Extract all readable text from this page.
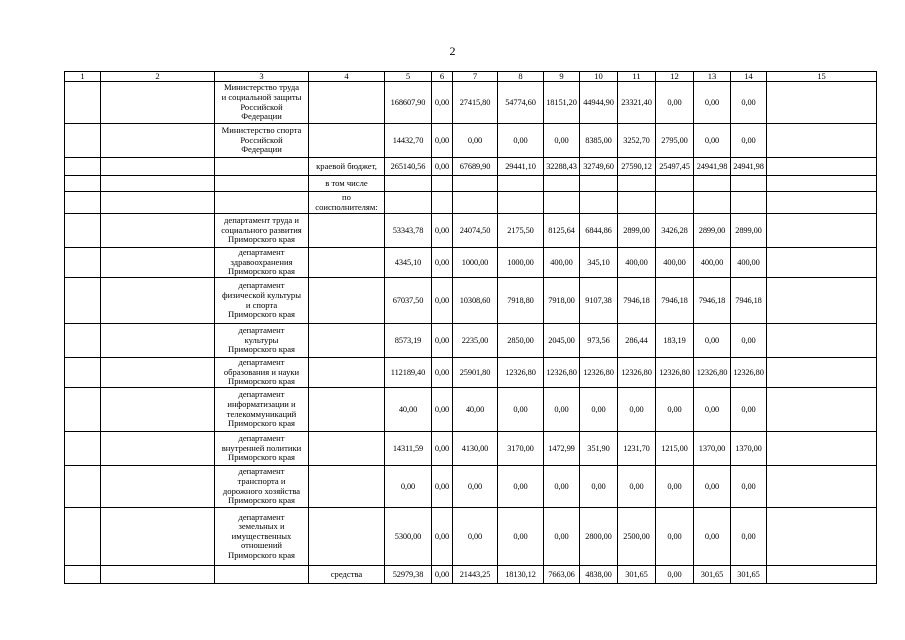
2
1	2	3	4	5	6	7	8	9	10	11	12	13	14	15
		Министерство труда
и социальной защиты
Российской
Федерации		168607,90	0,00	27415,80	54774,60	18151,20	44944,90	23321,40	0,00	0,00	0,00	
		Министерство спорта
Российской
Федерации		14432,70	0,00	0,00	0,00	0,00	8385,00	3252,70	2795,00	0,00	0,00	
			краевой бюджет,	265140,56	0,00	67689,90	29441,10	32288,43	32749,60	27590,12	25497,45	24941,98	24941,98	
			в том числе											
			по
соисполнителям:											
		департамент труда и
социального развития
Приморского края		53343,78	0,00	24074,50	2175,50	8125,64	6844,86	2899,00	3426,28	2899,00	2899,00	
		департамент
здравоохранения
Приморского края		4345,10	0,00	1000,00	1000,00	400,00	345,10	400,00	400,00	400,00	400,00	
		департамент
физической культуры
и спорта
Приморского края		67037,50	0,00	10308,60	7918,80	7918,00	9107,38	7946,18	7946,18	7946,18	7946,18	
		департамент
культуры
Приморского края		8573,19	0,00	2235,00	2850,00	2045,00	973,56	286,44	183,19	0,00	0,00	
		департамент
образования и науки
Приморского края		112189,40	0,00	25901,80	12326,80	12326,80	12326,80	12326,80	12326,80	12326,80	12326,80	
		департамент
информатизации и
телекоммуникаций
Приморского края		40,00	0,00	40,00	0,00	0,00	0,00	0,00	0,00	0,00	0,00	
		департамент
внутренней политики
Приморского края		14311,59	0,00	4130,00	3170,00	1472,99	351,90	1231,70	1215,00	1370,00	1370,00	
		департамент
транспорта и
дорожного хозяйства
Приморского края		0,00	0,00	0,00	0,00	0,00	0,00	0,00	0,00	0,00	0,00	
		департамент
земельных и
имущественных
отношений
Приморского края		5300,00	0,00	0,00	0,00	0,00	2800,00	2500,00	0,00	0,00	0,00	
			средства	52979,38	0,00	21443,25	18130,12	7663,06	4838,00	301,65	0,00	301,65	301,65	
